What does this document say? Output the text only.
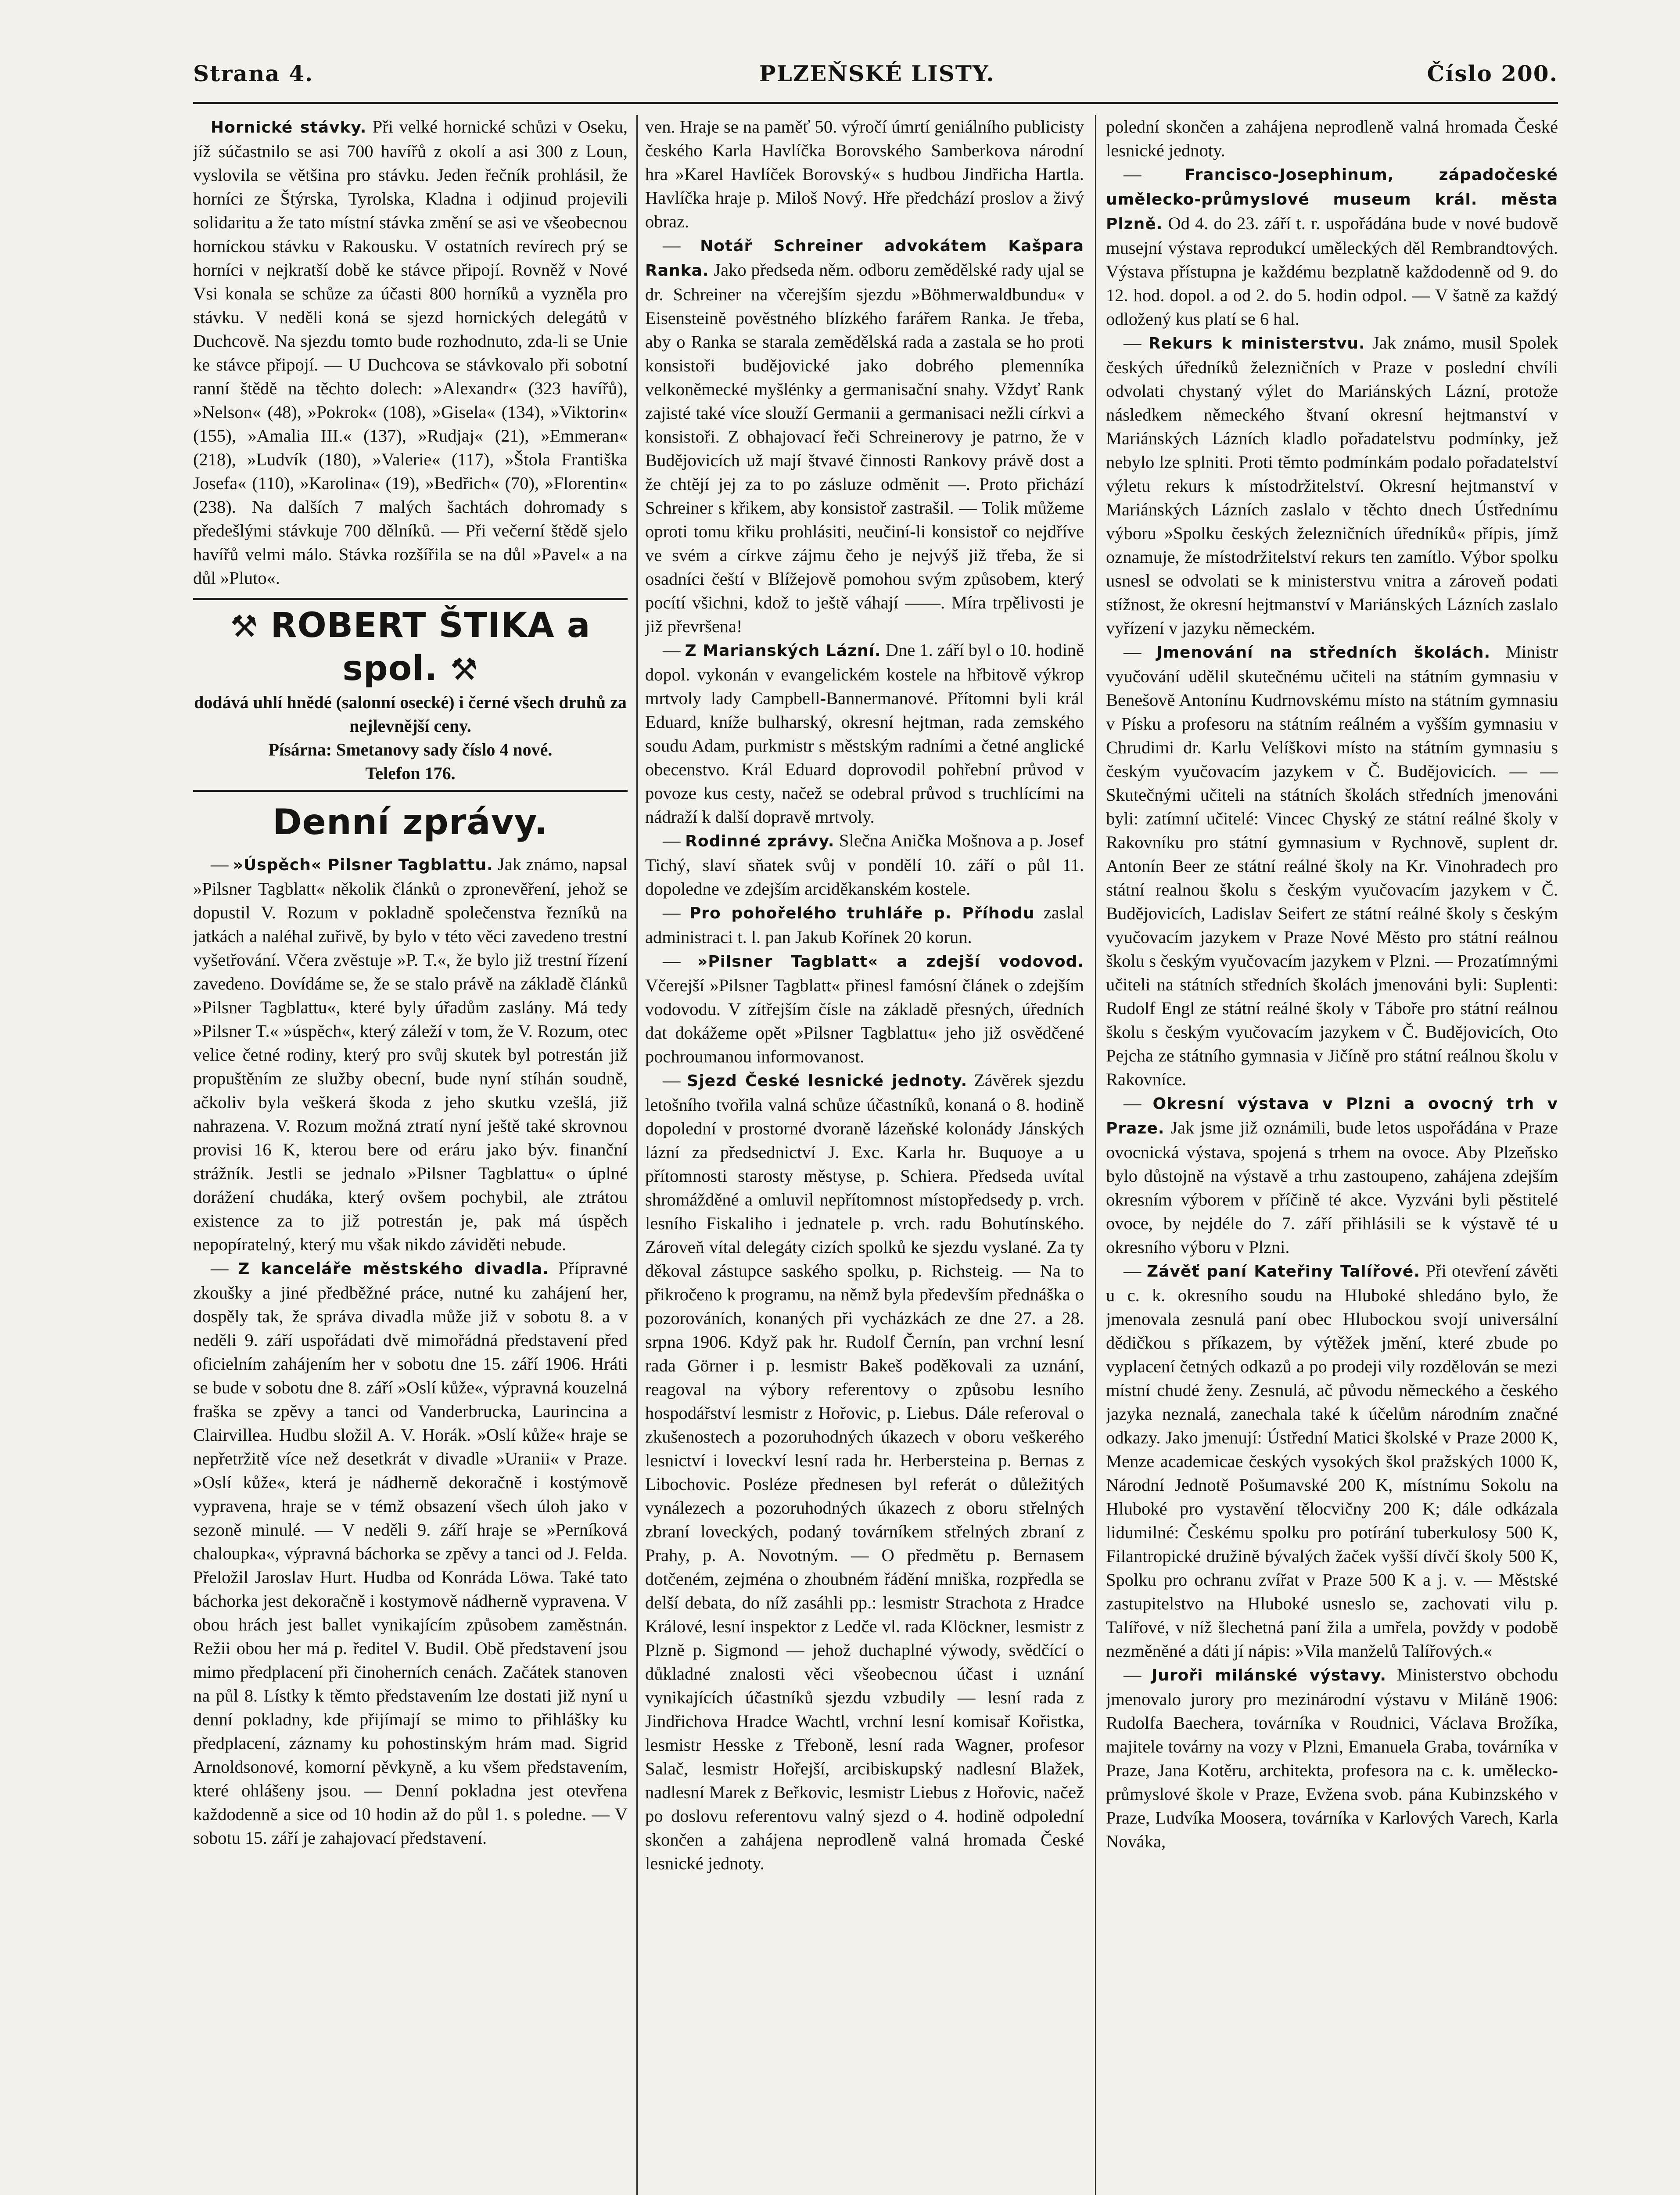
Strana 4.	PLZEŇSKÉ LISTY.	Číslo 200.

Hornické stávky. Při velké hornické schůzi v Oseku, jíž súčastnilo se asi 700 havířů z okolí a asi 300 z Loun, vyslovila se většina pro stávku. Jeden řečník prohlásil, že horníci ze Štýrska, Tyrolska, Kladna i odjinud projevili solidaritu a že tato místní stávka změní se asi ve všeobecnou horníckou stávku v Rakousku. V ostatních revírech prý se horníci v nejkratší době ke stávce připojí. Rovněž v Nové Vsi konala se schůze za účasti 800 horníků a vyzněla pro stávku. V neděli koná se sjezd hornických delegátů v Duchcově. Na sjezdu tomto bude rozhodnuto, zda-li se Unie ke stávce připojí. — U Duchcova se stávkovalo při sobotní ranní štědě na těchto dolech: »Alexandr« (323 havířů), »Nelson« (48), »Pokrok« (108), »Gisela« (134), »Viktorin« (155), »Amalia III.« (137), »Rudjaj« (21), »Emmeran« (218), »Ludvík (180), »Valerie« (117), »Štola Františka Josefa« (110), »Karolina« (19), »Bedřich« (70), »Florentin« (238). Na dalších 7 malých šachtách dohromady s předešlými stávkuje 700 dělníků. — Při večerní štědě sjelo havířů velmi málo. Stávka rozšířila se na důl »Pavel« a na důl »Pluto«.

⚒ ROBERT ŠTIKA a spol. ⚒
dodává uhlí hnědé (salonní osecké) i černé všech druhů za nejlevnější ceny.
Písárna: Smetanovy sady číslo 4 nové.
Telefon 176.
Denní zprávy.

— »Úspěch« Pilsner Tagblattu. Jak známo, napsal »Pilsner Tagblatt« několik článků o zpronevěření, jehož se dopustil V. Rozum v pokladně společenstva řezníků na jatkách a naléhal zuřivě, by bylo v této věci zavedeno trestní vyšetřování. Včera zvěstuje »P. T.«, že bylo již trestní řízení zavedeno. Dovídáme se, že se stalo právě na základě článků »Pilsner Tagblattu«, které byly úřadům zaslány. Má tedy »Pilsner T.« »úspěch«, který záleží v tom, že V. Rozum, otec velice četné rodiny, který pro svůj skutek byl potrestán již propuštěním ze služby obecní, bude nyní stíhán soudně, ačkoliv byla veškerá škoda z jeho skutku vzešlá, již nahrazena. V. Rozum možná ztratí nyní ještě také skrovnou provisi 16 K, kterou bere od eráru jako býv. finanční strážník. Jestli se jednalo »Pilsner Tagblattu« o úplné dorážení chudáka, který ovšem pochybil, ale ztrátou existence za to již potrestán je, pak má úspěch nepopíratelný, který mu však nikdo záviděti nebude.

— Z kanceláře městského divadla. Přípravné zkoušky a jiné předběžné práce, nutné ku zahájení her, dospěly tak, že správa divadla může již v sobotu 8. a v neděli 9. září uspořádati dvě mimořádná představení před oficielním zahájením her v sobotu dne 15. září 1906. Hráti se bude v sobotu dne 8. září »Oslí kůže«, výpravná kouzelná fraška se zpěvy a tanci od Vanderbrucka, Laurincina a Clairvillea. Hudbu složil A. V. Horák. »Oslí kůže« hraje se nepřetržitě více než desetkrát v divadle »Uranii« v Praze. »Oslí kůže«, která je nádherně dekoračně i kostýmově vypravena, hraje se v témž obsazení všech úloh jako v sezoně minulé. — V neděli 9. září hraje se »Perníková chaloupka«, výpravná báchorka se zpěvy a tanci od J. Felda. Přeložil Jaroslav Hurt. Hudba od Konráda Löwa. Také tato báchorka jest dekoračně i kostymově nádherně vypravena. V obou hrách jest ballet vynikajícím způsobem zaměstnán. Režii obou her má p. ředitel V. Budil. Obě představení jsou mimo předplacení při činoherních cenách. Začátek stanoven na půl 8. Lístky k těmto představením lze dostati již nyní u denní pokladny, kde přijímají se mimo to přihlášky ku předplacení, záznamy ku pohostinským hrám mad. Sigrid Arnoldsonové, komorní pěvkyně, a ku všem představením, které ohlášeny jsou. — Denní pokladna jest otevřena každodenně a sice od 10 hodin až do půl 1. s poledne. — V sobotu 15. září je zahajovací představení.

ven. Hraje se na paměť 50. výročí úmrtí geniálního publicisty českého Karla Havlíčka Borovského Samberkova národní hra »Karel Havlíček Borovský« s hudbou Jindřicha Hartla. Havlíčka hraje p. Miloš Nový. Hře předchází proslov a živý obraz.

— Notář Schreiner advokátem Kašpara Ranka. Jako předseda něm. odboru zemědělské rady ujal se dr. Schreiner na včerejším sjezdu »Böhmerwaldbundu« v Eisensteině pověstného blízkého farářem Ranka. Je třeba, aby o Ranka se starala zemědělská rada a zastala se ho proti konsistoři budějovické jako dobrého plemenníka velkoněmecké myšlénky a germanisační snahy. Vždyť Rank zajisté také více slouží Germanii a germanisaci nežli církvi a konsistoři. Z obhajovací řeči Schreinerovy je patrno, že v Budějovicích už mají štvavé činnosti Rankovy právě dost a že chtějí jej za to po zásluze odměnit —. Proto přichází Schreiner s křikem, aby konsistoř zastrašil. — Tolik můžeme oproti tomu křiku prohlásiti, neučiní-li konsistoř co nejdříve ve svém a církve zájmu čeho je nejvýš již třeba, že si osadníci čeští v Blížejově pomohou svým způsobem, který pocítí všichni, kdož to ještě váhají ——. Míra trpělivosti je již převršena!

— Z Marianských Lázní. Dne 1. září byl o 10. hodině dopol. vykonán v evangelickém kostele na hřbitově výkrop mrtvoly lady Campbell-Bannermanové. Přítomni byli král Eduard, kníže bulharský, okresní hejtman, rada zemského soudu Adam, purkmistr s městským radními a četné anglické obecenstvo. Král Eduard doprovodil pohřební průvod v povoze kus cesty, načež se odebral průvod s truchlícími na nádraží k další dopravě mrtvoly.

— Rodinné zprávy. Slečna Anička Mošnova a p. Josef Tichý, slaví sňatek svůj v pondělí 10. září o půl 11. dopoledne ve zdejším arciděkanském kostele.

— Pro pohořelého truhláře p. Příhodu zaslal administraci t. l. pan Jakub Kořínek 20 korun.

— »Pilsner Tagblatt« a zdejší vodovod. Včerejší »Pilsner Tagblatt« přinesl famósní článek o zdejším vodovodu. V zítřejším čísle na základě přesných, úředních dat dokážeme opět »Pilsner Tagblattu« jeho již osvědčené pochroumanou informovanost.

— Sjezd České lesnické jednoty. Závěrek sjezdu letošního tvořila valná schůze účastníků, konaná o 8. hodině dopolední v prostorné dvoraně lázeňské kolonády Jánských lázní za předsednictví J. Exc. Karla hr. Buquoye a u přítomnosti starosty městyse, p. Schiera. Předseda uvítal shromážděné a omluvil nepřítomnost místopředsedy p. vrch. lesního Fiskaliho i jednatele p. vrch. radu Bohutínského. Zároveň vítal delegáty cizích spolků ke sjezdu vyslané. Za ty děkoval zástupce saského spolku, p. Richsteig. — Na to přikročeno k programu, na němž byla především přednáška o pozorováních, konaných při vycházkách ze dne 27. a 28. srpna 1906. Když pak hr. Rudolf Černín, pan vrchní lesní rada Görner i p. lesmistr Bakeš poděkovali za uznání, reagoval na výbory referentovy o způsobu lesního hospodářství lesmistr z Hořovic, p. Liebus. Dále referoval o zkušenostech a pozoruhodných úkazech v oboru veškerého lesnictví i loveckví lesní rada hr. Herbersteina p. Bernas z Libochovic. Posléze přednesen byl referát o důležitých vynálezech a pozoruhodných úkazech z oboru střelných zbraní loveckých, podaný továrníkem střelných zbraní z Prahy, p. A. Novotným. — O předmětu p. Bernasem dotčeném, zejména o zhoubném řádění mniška, rozpředla se delší debata, do níž zasáhli pp.: lesmistr Strachota z Hradce Králové, lesní inspektor z Ledče vl. rada Klöckner, lesmistr z Plzně p. Sigmond — jehož duchaplné výwody, svědčící o důkladné znalosti věci všeobecnou účast i uznání vynikajících účastníků sjezdu vzbudily — lesní rada z Jindřichova Hradce Wachtl, vrchní lesní komisař Kořistka, lesmistr Hesske z Třeboně, lesní rada Wagner, profesor Salač, lesmistr Hořejší, arcibiskupský nadlesní Blažek, nadlesní Marek z Beřkovic, lesmistr Liebus z Hořovic, načež po doslovu referentovu valný sjezd o 4. hodině odpolední skončen a zahájena neprodleně valná hromada České lesnické jednoty.

polední skončen a zahájena neprodleně valná hromada České lesnické jednoty.

— Francisco-Josephinum, západočeské umělecko-průmyslové museum král. města Plzně. Od 4. do 23. září t. r. uspořádána bude v nové budově musejní výstava reprodukcí uměleckých děl Rembrandtových. Výstava přístupna je každému bezplatně každodenně od 9. do 12. hod. dopol. a od 2. do 5. hodin odpol. — V šatně za každý odložený kus platí se 6 hal.

— Rekurs k ministerstvu. Jak známo, musil Spolek českých úředníků železničních v Praze v poslední chvíli odvolati chystaný výlet do Mariánských Lázní, protože následkem německého štvaní okresní hejtmanství v Mariánských Lázních kladlo pořadatelstvu podmínky, jež nebylo lze splniti. Proti těmto podmínkám podalo pořadatelství výletu rekurs k místodržitelství. Okresní hejtmanství v Mariánských Lázních zaslalo v těchto dnech Ústřednímu výboru »Spolku českých železničních úředníků« přípis, jímž oznamuje, že místodržitelství rekurs ten zamítlo. Výbor spolku usnesl se odvolati se k ministerstvu vnitra a zároveň podati stížnost, že okresní hejtmanství v Mariánských Lázních zaslalo vyřízení v jazyku německém.

— Jmenování na středních školách. Ministr vyučování udělil skutečnému učiteli na státním gymnasiu v Benešově Antonínu Kudrnovskému místo na státním gymnasiu v Písku a profesoru na státním reálném a vyšším gymnasiu v Chrudimi dr. Karlu Velíškovi místo na státním gymnasiu s českým vyučovacím jazykem v Č. Budějovicích. — — Skutečnými učiteli na státních školách středních jmenováni byli: zatímní učitelé: Vincec Chyský ze státní reálné školy v Rakovníku pro státní gymnasium v Rychnově, suplent dr. Antonín Beer ze státní reálné školy na Kr. Vinohradech pro státní realnou školu s českým vyučovacím jazykem v Č. Budějovicích, Ladislav Seifert ze státní reálné školy s českým vyučovacím jazykem v Praze Nové Město pro státní reálnou školu s českým vyučovacím jazykem v Plzni. — Prozatímnými učiteli na státních středních školách jmenováni byli: Suplenti: Rudolf Engl ze státní reálné školy v Táboře pro státní reálnou školu s českým vyučovacím jazykem v Č. Budějovicích, Oto Pejcha ze státního gymnasia v Jičíně pro státní reálnou školu v Rakovníce.

— Okresní výstava v Plzni a ovocný trh v Praze. Jak jsme již oznámili, bude letos uspořádána v Praze ovocnická výstava, spojená s trhem na ovoce. Aby Plzeňsko bylo důstojně na výstavě a trhu zastoupeno, zahájena zdejším okresním výborem v příčině té akce. Vyzváni byli pěstitelé ovoce, by nejdéle do 7. září přihlásili se k výstavě té u okresního výboru v Plzni.

— Závěť paní Kateřiny Talířové. Při otevření závěti u c. k. okresního soudu na Hluboké shledáno bylo, že jmenovala zesnulá paní obec Hlubockou svojí universální dědičkou s příkazem, by výtěžek jmění, které zbude po vyplacení četných odkazů a po prodeji vily rozdělován se mezi místní chudé ženy. Zesnulá, ač původu německého a českého jazyka neznalá, zanechala také k účelům národním značné odkazy. Jako jmenují: Ústřední Matici školské v Praze 2000 K, Menze academicae českých vysokých škol pražských 1000 K, Národní Jednotě Pošumavské 200 K, místnímu Sokolu na Hluboké pro vystavění tělocvičny 200 K; dále odkázala lidumilné: Českému spolku pro potírání tuberkulosy 500 K, Filantropické družině bývalých žaček vyšší dívčí školy 500 K, Spolku pro ochranu zvířat v Praze 500 K a j. v. — Městské zastupitelstvo na Hluboké usneslo se, zachovati vilu p. Talířové, v níž šlechetná paní žila a umřela, povždy v podobě nezměněné a dáti jí nápis: »Vila manželů Talířových.«

— Juroři milánské výstavy. Ministerstvo obchodu jmenovalo jurory pro mezinárodní výstavu v Miláně 1906: Rudolfa Baechera, továrníka v Roudnici, Václava Brožíka, majitele továrny na vozy v Plzni, Emanuela Graba, továrníka v Praze, Jana Kotěru, architekta, profesora na c. k. umělecko-průmyslové škole v Praze, Evžena svob. pána Kubinzského v Praze, Ludvíka Moosera, továrníka v Karlových Varech, Karla Nováka,
